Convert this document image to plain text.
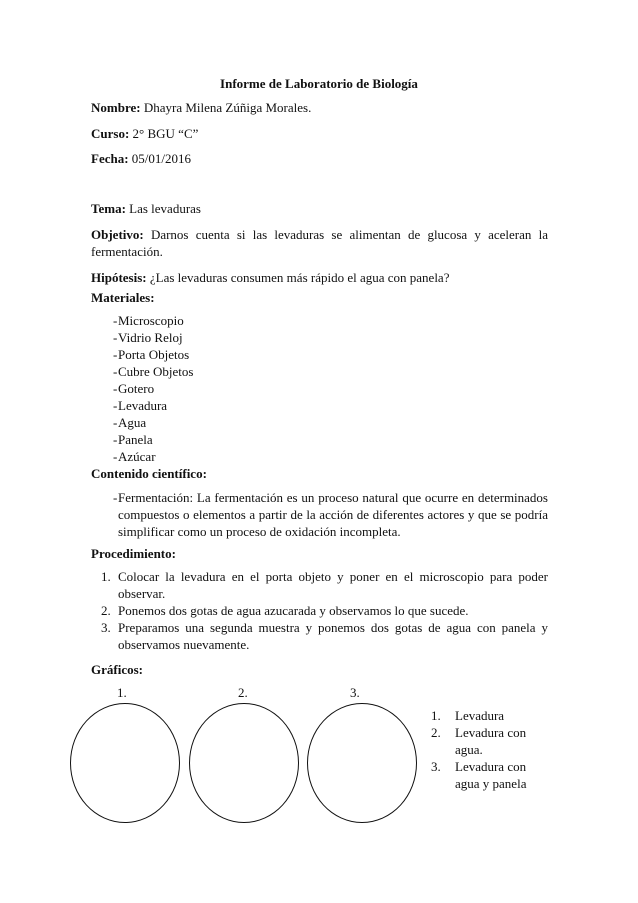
Informe de Laboratorio de Biología
Nombre: Dhayra Milena Zúñiga Morales.
Curso: 2° BGU “C”
Fecha: 05/01/2016
Tema: Las levaduras
Objetivo: Darnos cuenta si las levaduras se alimentan de glucosa y aceleran la fermentación.
Hipótesis: ¿Las levaduras consumen más rápido el agua con panela?
Materiales:
- Microscopio
- Vidrio Reloj
- Porta Objetos
- Cubre Objetos
- Gotero
- Levadura
- Agua
- Panela
- Azúcar
Contenido científico:
- Fermentación: La fermentación es un proceso natural que ocurre en determinados compuestos o elementos a partir de la acción de diferentes actores y que se podría simplificar como un proceso de oxidación incompleta.
Procedimiento:
1. Colocar la levadura en el porta objeto y poner en el microscopio para poder observar.
2. Ponemos dos gotas de agua azucarada y observamos lo que sucede.
3. Preparamos una segunda muestra y ponemos dos gotas de agua con panela y observamos nuevamente.
Gráficos:
1.	2.	3.
1. Levadura
2. Levadura con agua.
3. Levadura con agua y panela
